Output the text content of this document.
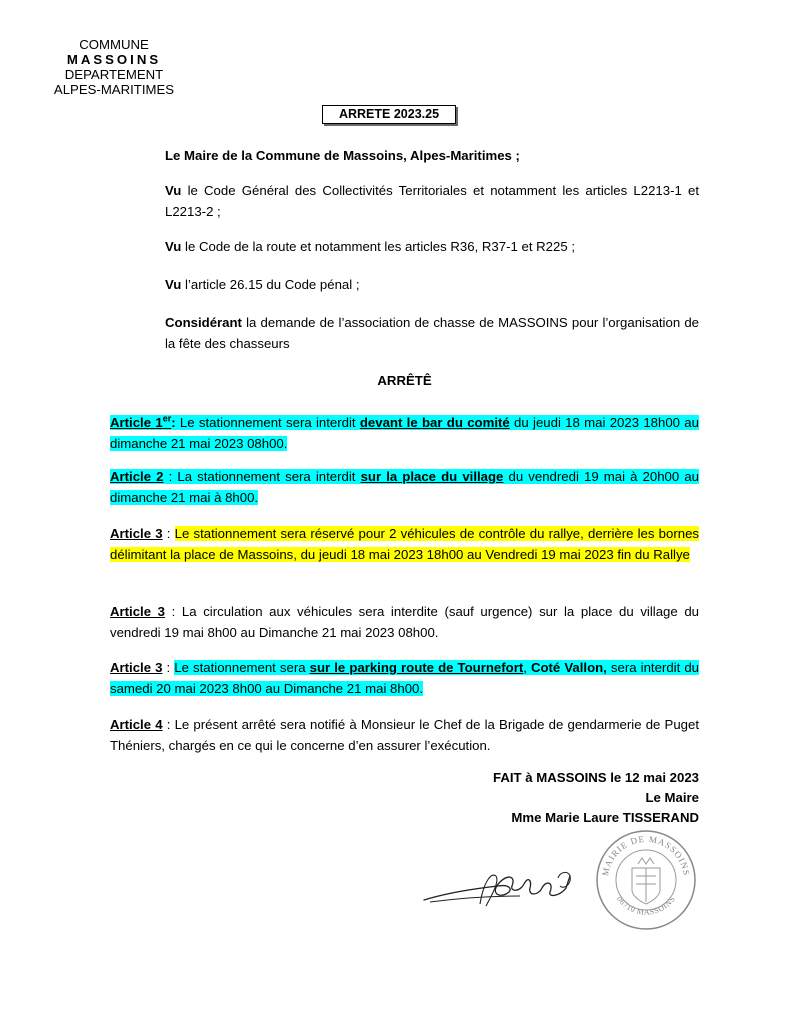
COMMUNE
MASSOINS
DEPARTEMENT
ALPES-MARITIMES
ARRETE 2023.25
Le Maire de la Commune de Massoins, Alpes-Maritimes ;
Vu le Code Général des Collectivités Territoriales et notamment les articles L2213-1 et L2213-2 ;
Vu le Code de la route et notamment les articles R36, R37-1 et R225 ;
Vu l’article 26.15 du Code pénal ;
Considérant la demande de l’association de chasse de MASSOINS pour l’organisation de la fête des chasseurs
ARRÊTÊ
Article 1er: Le stationnement sera interdit devant le bar du comité du jeudi 18 mai 2023 18h00 au dimanche 21 mai 2023 08h00.
Article 2 : La stationnement sera interdit sur la place du village du vendredi 19 mai à 20h00 au dimanche 21 mai à 8h00.
Article 3 : Le stationnement sera réservé pour 2 véhicules de contrôle du rallye, derrière les bornes délimitant la place de Massoins, du jeudi 18 mai 2023 18h00 au Vendredi 19 mai 2023 fin du Rallye
Article 3 : La circulation aux véhicules sera interdite (sauf urgence) sur la place du village du vendredi 19 mai 8h00 au Dimanche 21 mai 2023 08h00.
Article 3 : Le stationnement sera sur le parking route de Tournefort, Coté Vallon, sera interdit du samedi 20 mai 2023 8h00 au Dimanche 21 mai 8h00.
Article 4 : Le présent arrêté sera notifié à Monsieur le Chef de la Brigade de gendarmerie de Puget Théniers, chargés en ce qui le concerne d’en assurer l’exécution.
FAIT à MASSOINS le 12 mai 2023
Le Maire
Mme Marie Laure TISSERAND
MAIRIE DE MASSOINS
06710 MASSOINS
